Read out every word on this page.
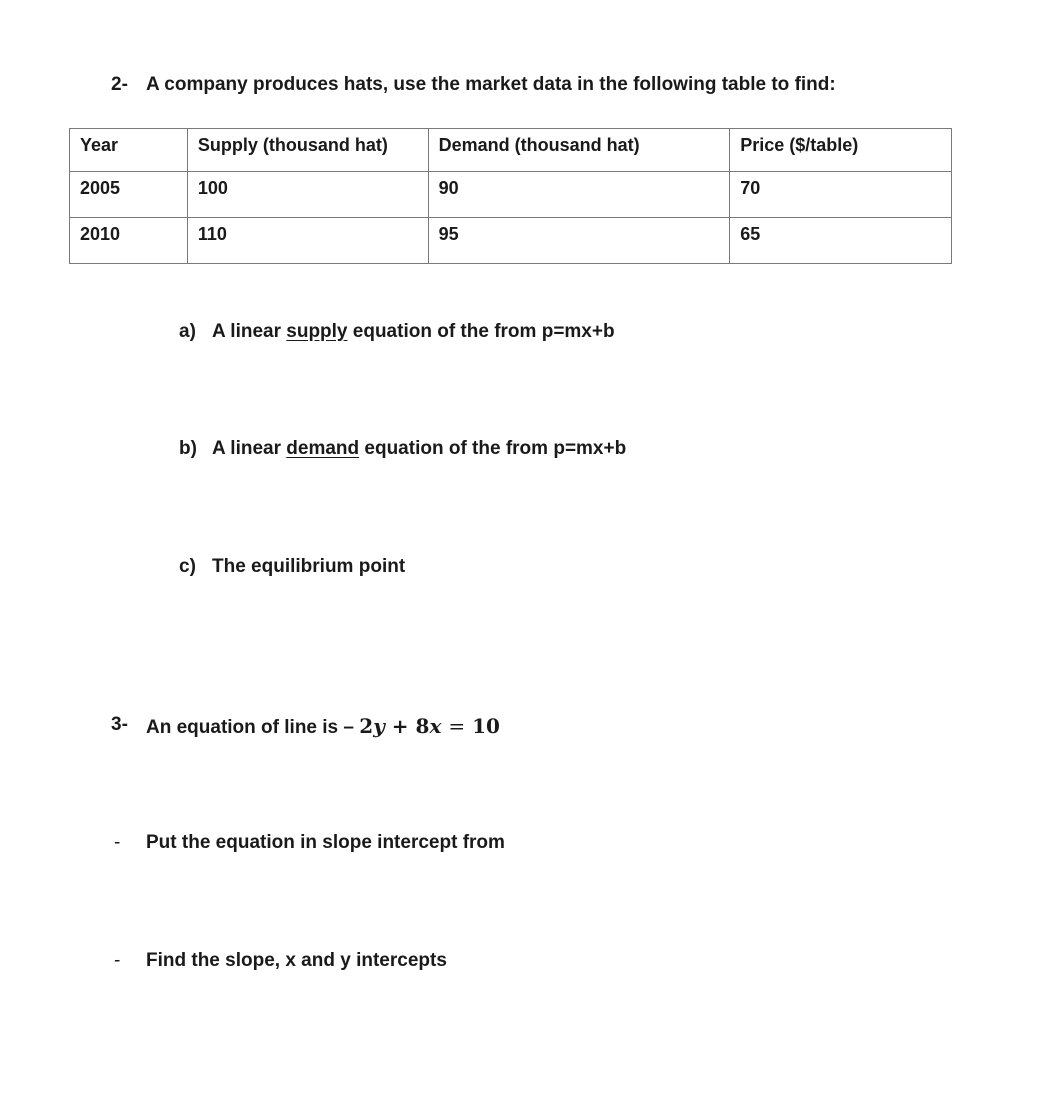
2- A company produces hats, use the market data in the following table to find:
Year	Supply (thousand hat)	Demand (thousand hat)	Price ($/table)
2005	100	90	70
2010	110	95	65
a) A linear supply equation of the from p=mx+b
b) A linear demand equation of the from p=mx+b
c) The equilibrium point
3- An equation of line is – 2y + 8x = 10
- Put the equation in slope intercept from
- Find the slope, x and y intercepts
